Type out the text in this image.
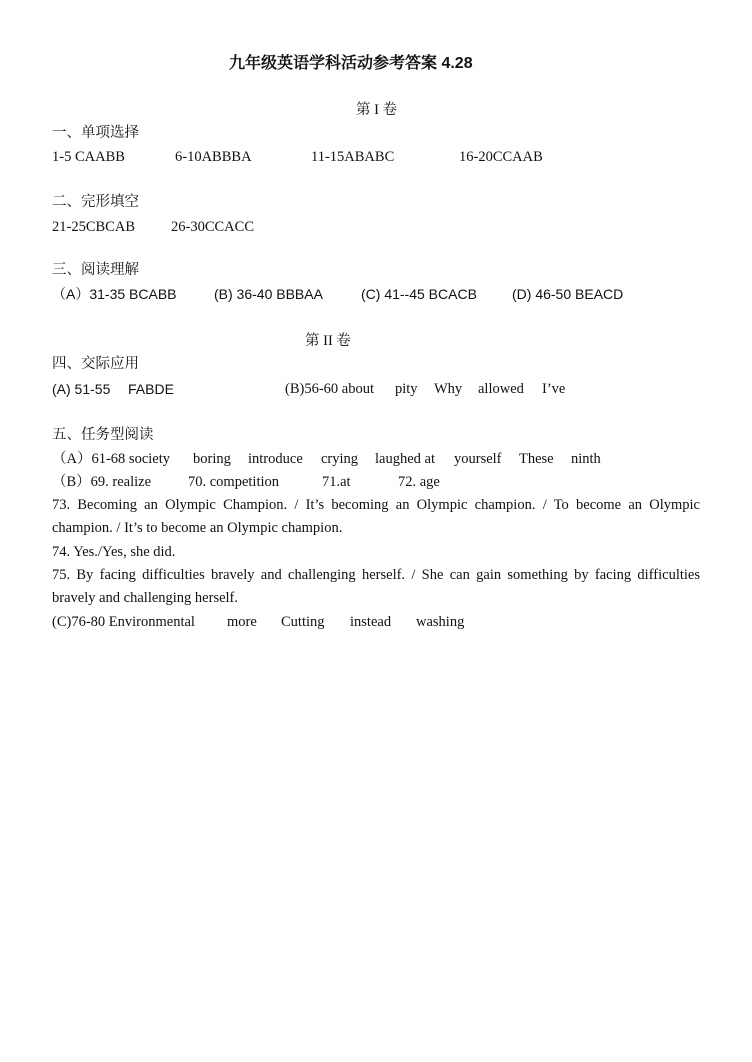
九年级英语学科活动参考答案 4.28
第 I 卷
一、单项选择
1-5 CAABB	6-10ABBBA	11-15ABABC	16-20CCAAB
二、完形填空
21-25CBCAB 26-30CCACC
三、阅读理解
（A）31-35 BCABB	(B) 36-40 BBBAA	(C) 41--45 BCACB	(D) 46-50 BEACD
第 II 卷
四、交际应用
(A) 51-55 FABDE	(B)56-60 about pity Why allowed I’ve
五、任务型阅读
（A）61-68 society boring introduce crying laughed at yourself These ninth
（B）69. realize	70. competition	71.at	72. age
73. Becoming an Olympic Champion. / It’s becoming an Olympic champion. / To become an Olympic champion. / It’s to become an Olympic champion.
74. Yes./Yes, she did.
75. By facing difficulties bravely and challenging herself. / She can gain something by facing difficulties bravely and challenging herself.
(C)76-80 Environmental more Cutting instead washing
